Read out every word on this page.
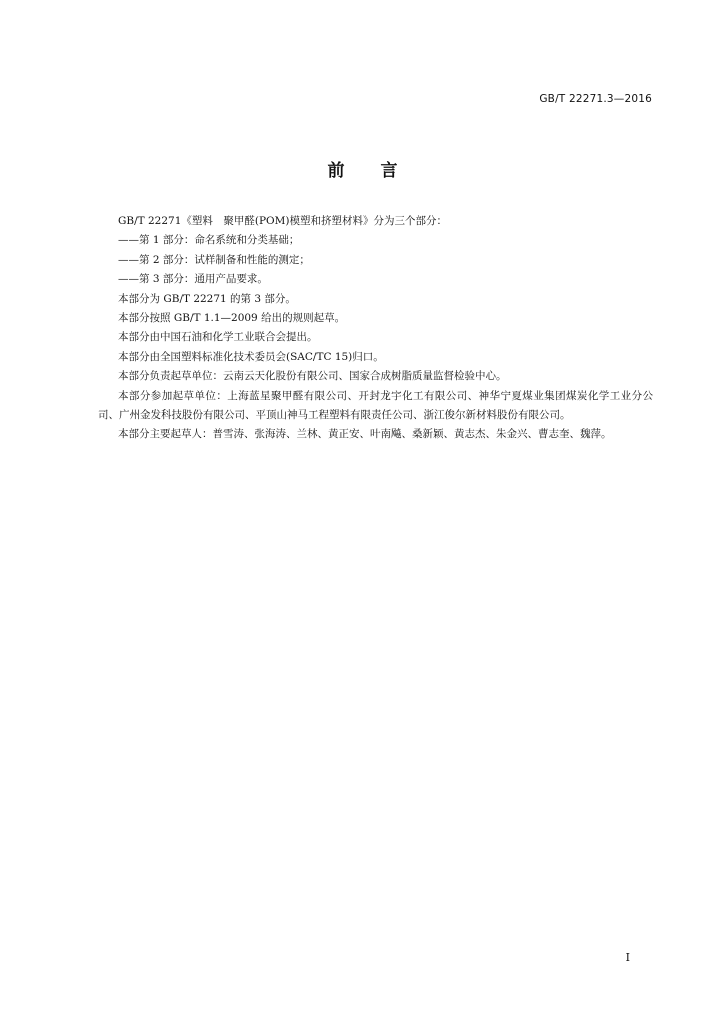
GB/T 22271.3—2016
前言

GB/T 22271《塑料　聚甲醛(POM)模塑和挤塑材料》分为三个部分：

——第 1 部分：命名系统和分类基础；

——第 2 部分：试样制备和性能的测定；

——第 3 部分：通用产品要求。

本部分为 GB/T 22271 的第 3 部分。

本部分按照 GB/T 1.1—2009 给出的规则起草。

本部分由中国石油和化学工业联合会提出。

本部分由全国塑料标准化技术委员会(SAC/TC 15)归口。

本部分负责起草单位：云南云天化股份有限公司、国家合成树脂质量监督检验中心。

本部分参加起草单位：上海蓝星聚甲醛有限公司、开封龙宇化工有限公司、神华宁夏煤业集团煤炭化学工业分公司、广州金发科技股份有限公司、平顶山神马工程塑料有限责任公司、浙江俊尔新材料股份有限公司。

本部分主要起草人：普雪涛、张海涛、兰林、黄正安、叶南飚、桑新颖、黄志杰、朱金兴、曹志奎、魏萍。

I
